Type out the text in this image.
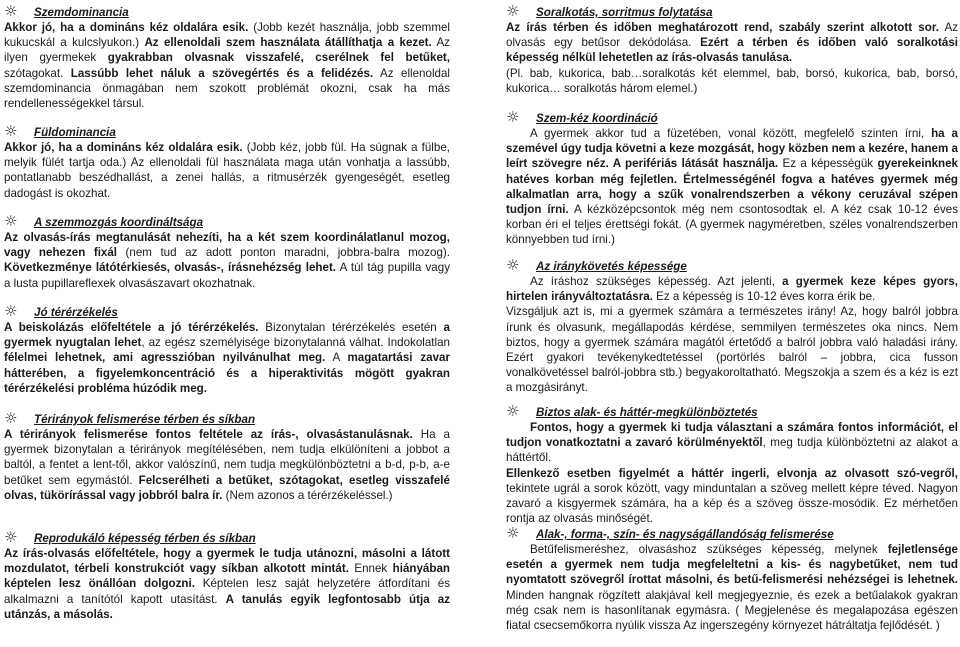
☼ Szemdominancia

Akkor jó, ha a domináns kéz oldalára esik. (Jobb kezét használja, jobb szemmel kukucskál a kulcslyukon.) Az ellenoldali szem használata átállíthatja a kezet. Az ilyen gyermekek gyakrabban olvasnak visszafelé, cserélnek fel betűket, szótagokat. Lassúbb lehet náluk a szövegértés és a felidézés. Az ellenoldal szemdominancia önmagában nem szokott problémát okozni, csak ha más rendellenességekkel társul.

☼ Füldominancia

Akkor jó, ha a domináns kéz oldalára esik. (Jobb kéz, jobb fül. Ha súgnak a fülbe, melyik fülét tartja oda.) Az ellenoldali fül használata maga után vonhatja a lassúbb, pontatlanabb beszédhallást, a zenei hallás, a ritmusérzék gyengeségét, esetleg dadogást is okozhat.

☼ A szemmozgás koordináltsága

Az olvasás-írás megtanulását nehezíti, ha a két szem koordinálatlanul mozog, vagy nehezen fixál (nem tud az adott ponton maradni, jobbra-balra mozog). Következménye látótérkiesés, olvasás-, írásnehézség lehet. A túl tág pupilla vagy a lusta pupillareflexek olvasászavart okozhatnak.

☼ Jó térérzékelés

A beiskolázás előfeltétele a jó térérzékelés. Bizonytalan térérzékelés esetén a gyermek nyugtalan lehet, az egész személyisége bizonytalanná válhat. Indokolatlan félelmei lehetnek, ami agresszióban nyilvánulhat meg. A magatartási zavar hátterében, a figyelemkoncentráció és a hiperaktivitás mögött gyakran térérzékelési probléma húzódik meg.

☼ Térirányok felismerése térben és síkban

A térirányok felismerése fontos feltétele az írás-, olvasástanulásnak. Ha a gyermek bizonytalan a térirányok megítélésében, nem tudja elkülöníteni a jobbot a baltól, a fentet a lent-től, akkor valószínű, nem tudja megkülönböztetni a b-d, p-b, a-e betűket sem egymástól. Felcserélheti a betűket, szótagokat, esetleg visszafelé olvas, tükörírással vagy jobbról balra ír. (Nem azonos a térérzékeléssel.)

☼ Reprodukáló képesség térben és síkban

Az írás-olvasás előfeltétele, hogy a gyermek le tudja utánozni, másolni a látott mozdulatot, térbeli konstrukciót vagy síkban alkotott mintát. Ennek hiányában képtelen lesz önállóan dolgozni. Képtelen lesz saját helyzetére átfordítani és alkalmazni a tanítótól kapott utasítást. A tanulás egyik legfontosabb útja az utánzás, a másolás.

☼ Soralkotás, sorritmus folytatása

Az írás térben és időben meghatározott rend, szabály szerint alkotott sor. Az olvasás egy betűsor dekódolása. Ezért a térben és időben való soralkotási képesség nélkül lehetetlen az írás-olvasás tanulása.
(Pl. bab, kukorica, bab…soralkotás két elemmel, bab, borsó, kukorica, bab, borsó, kukorica… soralkotás három elemel.)

☼ Szem-kéz koordináció

A gyermek akkor tud a füzetében, vonal között, megfelelő szinten írni, ha a szemével úgy tudja követni a keze mozgását, hogy közben nem a kezére, hanem a leírt szövegre néz. A perifériás látását használja. Ez a képességük gyerekeinknek hatéves korban még fejletlen. Értelmességénél fogva a hatéves gyermek még alkalmatlan arra, hogy a szűk vonalrendszerben a vékony ceruzával szépen tudjon írni. A kézközépcsontok még nem csontosodtak el. A kéz csak 10-12 éves korban éri el teljes érettségi fokát. (A gyermek nagyméretben, széles vonalrendszerben könnyebben tud írni.)

☼ Az iránykövetés képessége

Az íráshoz szükséges képesség. Azt jelenti, a gyermek keze képes gyors, hirtelen irányváltoztatásra. Ez a képesség is 10-12 éves korra érik be.
Vizsgáljuk azt is, mi a gyermek számára a természetes irány! Az, hogy balról jobbra írunk és olvasunk, megállapodás kérdése, semmilyen természetes oka nincs. Nem biztos, hogy a gyermek számára magától értetődő a balról jobbra való haladási irány. Ezért gyakori tevékenykedtetéssel (portörlés balról – jobbra, cica fusson vonalkövetéssel balról-jobbra stb.) begyakoroltatható. Megszokja a szem és a kéz is ezt a mozgásirányt.

☼ Biztos alak- és háttér-megkülönböztetés

Fontos, hogy a gyermek ki tudja választani a számára fontos információt, el tudjon vonatkoztatni a zavaró körülményektől, meg tudja különböztetni az alakot a háttértől.
Ellenkező esetben figyelmét a háttér ingerli, elvonja az olvasott szó-vegről, tekintete ugrál a sorok között, vagy minduntalan a szöveg mellett képre téved. Nagyon zavaró a kisgyermek számára, ha a kép és a szöveg össze-mosódik. Ez mérhetően rontja az olvasás minőségét.

☼ Alak-, forma-, szín- és nagyságállandóság felismerése

Betűfelismeréshez, olvasáshoz szükséges képesség, melynek fejletlensége esetén a gyermek nem tudja megfeleltetni a kis- és nagybetűket, nem tud nyomtatott szövegről írottat másolni, és betű-felismerési nehézségei is lehetnek. Minden hangnak rögzített alakjával kell megjegyeznie, és ezek a betűalakok gyakran még csak nem is hasonlítanak egymásra. ( Megjelenése és megalapozása egészen fiatal csecsemőkorra nyúlik vissza Az ingerszegény környezet hátráltatja fejlődését. )
